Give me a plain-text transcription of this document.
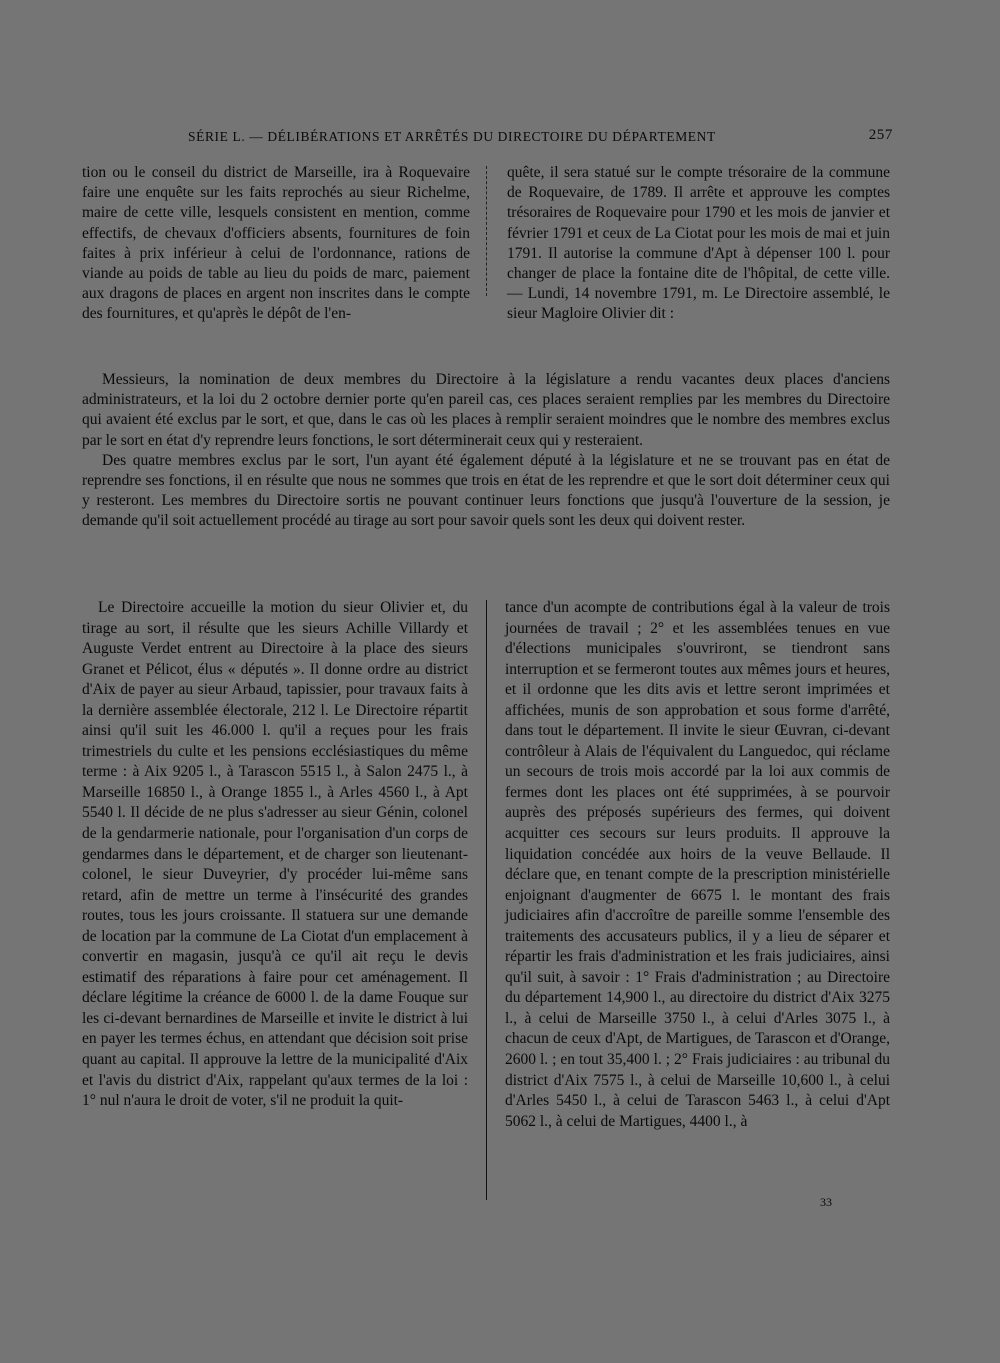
SÉRIE L. — DÉLIBÉRATIONS ET ARRÊTÉS DU DIRECTOIRE DU DÉPARTEMENT	257
tion ou le conseil du district de Marseille, ira à Roquevaire faire une enquête sur les faits reprochés au sieur Richelme, maire de cette ville, lesquels consistent en mention, comme effectifs, de chevaux d'officiers absents, fournitures de foin faites à prix inférieur à celui de l'ordonnance, rations de viande au poids de table au lieu du poids de marc, paiement aux dragons de places en argent non inscrites dans le compte des fournitures, et qu'après le dépôt de l'en-
quête, il sera statué sur le compte trésoraire de la commune de Roquevaire, de 1789. Il arrête et approuve les comptes trésoraires de Roquevaire pour 1790 et les mois de janvier et février 1791 et ceux de La Ciotat pour les mois de mai et juin 1791. Il autorise la commune d'Apt à dépenser 100 l. pour changer de place la fontaine dite de l'hôpital, de cette ville. — Lundi, 14 novembre 1791, m. Le Directoire assemblé, le sieur Magloire Olivier dit :

Messieurs, la nomination de deux membres du Directoire à la législature a rendu vacantes deux places d'anciens administrateurs, et la loi du 2 octobre dernier porte qu'en pareil cas, ces places seraient remplies par les membres du Directoire qui avaient été exclus par le sort, et que, dans le cas où les places à remplir seraient moindres que le nombre des membres exclus par le sort en état d'y reprendre leurs fonctions, le sort déterminerait ceux qui y resteraient.

Des quatre membres exclus par le sort, l'un ayant été également député à la législature et ne se trouvant pas en état de reprendre ses fonctions, il en résulte que nous ne sommes que trois en état de les reprendre et que le sort doit déterminer ceux qui y resteront. Les membres du Directoire sortis ne pouvant continuer leurs fonctions que jusqu'à l'ouverture de la session, je demande qu'il soit actuellement procédé au tirage au sort pour savoir quels sont les deux qui doivent rester.

Le Directoire accueille la motion du sieur Olivier et, du tirage au sort, il résulte que les sieurs Achille Villardy et Auguste Verdet entrent au Directoire à la place des sieurs Granet et Pélicot, élus « députés ». Il donne ordre au district d'Aix de payer au sieur Arbaud, tapissier, pour travaux faits à la dernière assemblée électorale, 212 l. Le Directoire répartit ainsi qu'il suit les 46.000 l. qu'il a reçues pour les frais trimestriels du culte et les pensions ecclésiastiques du même terme : à Aix 9205 l., à Tarascon 5515 l., à Salon 2475 l., à Marseille 16850 l., à Orange 1855 l., à Arles 4560 l., à Apt 5540 l. Il décide de ne plus s'adresser au sieur Génin, colonel de la gendarmerie nationale, pour l'organisation d'un corps de gendarmes dans le département, et de charger son lieutenant-colonel, le sieur Duveyrier, d'y procéder lui-même sans retard, afin de mettre un terme à l'insécurité des grandes routes, tous les jours croissante. Il statuera sur une demande de location par la commune de La Ciotat d'un emplacement à convertir en magasin, jusqu'à ce qu'il ait reçu le devis estimatif des réparations à faire pour cet aménagement. Il déclare légitime la créance de 6000 l. de la dame Fouque sur les ci-devant bernardines de Marseille et invite le district à lui en payer les termes échus, en attendant que décision soit prise quant au capital. Il approuve la lettre de la municipalité d'Aix et l'avis du district d'Aix, rappelant qu'aux termes de la loi : 1° nul n'aura le droit de voter, s'il ne produit la quit-

tance d'un acompte de contributions égal à la valeur de trois journées de travail ; 2° et les assemblées tenues en vue d'élections municipales s'ouvriront, se tiendront sans interruption et se fermeront toutes aux mêmes jours et heures, et il ordonne que les dits avis et lettre seront imprimées et affichées, munis de son approbation et sous forme d'arrêté, dans tout le département. Il invite le sieur Œuvran, ci-devant contrôleur à Alais de l'équivalent du Languedoc, qui réclame un secours de trois mois accordé par la loi aux commis de fermes dont les places ont été supprimées, à se pourvoir auprès des préposés supérieurs des fermes, qui doivent acquitter ces secours sur leurs produits. Il approuve la liquidation concédée aux hoirs de la veuve Bellaude. Il déclare que, en tenant compte de la prescription ministérielle enjoignant d'augmenter de 6675 l. le montant des frais judiciaires afin d'accroître de pareille somme l'ensemble des traitements des accusateurs publics, il y a lieu de séparer et répartir les frais d'administration et les frais judiciaires, ainsi qu'il suit, à savoir : 1° Frais d'administration ; au Directoire du département 14,900 l., au directoire du district d'Aix 3275 l., à celui de Marseille 3750 l., à celui d'Arles 3075 l., à chacun de ceux d'Apt, de Martigues, de Tarascon et d'Orange, 2600 l. ; en tout 35,400 l. ; 2° Frais judiciaires : au tribunal du district d'Aix 7575 l., à celui de Marseille 10,600 l., à celui d'Arles 5450 l., à celui de Tarascon 5463 l., à celui d'Apt 5062 l., à celui de Martigues, 4400 l., à
33
